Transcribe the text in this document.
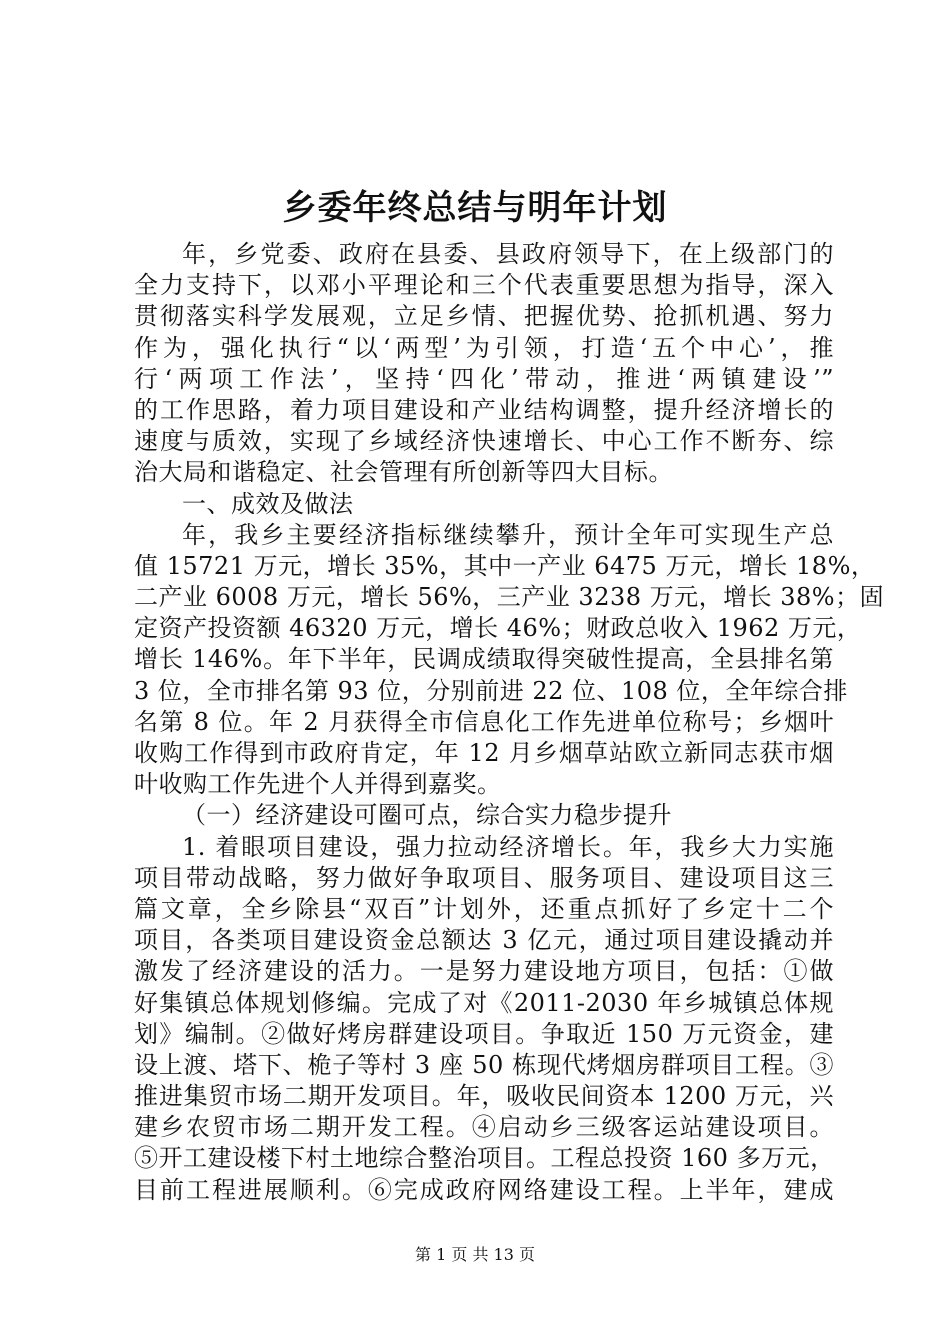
乡委年终总结与明年计划
年，乡党委、政府在县委、县政府领导下，在上级部门的
全力支持下，以邓小平理论和三个代表重要思想为指导，深入
贯彻落实科学发展观，立足乡情、把握优势、抢抓机遇、努力
作为，强化执行“以‘两型’为引领，打造‘五个中心’，推
行‘两项工作法’，坚持‘四化’带动，推进‘两镇建设’”
的工作思路，着力项目建设和产业结构调整，提升经济增长的
速度与质效，实现了乡域经济快速增长、中心工作不断夯、综
治大局和谐稳定、社会管理有所创新等四大目标。
一、成效及做法
年，我乡主要经济指标继续攀升，预计全年可实现生产总
值 15721 万元，增长 35%，其中一产业 6475 万元，增长 18%，
二产业 6008 万元，增长 56%，三产业 3238 万元，增长 38%；固
定资产投资额 46320 万元，增长 46%；财政总收入 1962 万元，
增长 146%。年下半年，民调成绩取得突破性提高，全县排名第
3 位，全市排名第 93 位，分别前进 22 位、108 位，全年综合排
名第 8 位。年 2 月获得全市信息化工作先进单位称号；乡烟叶
收购工作得到市政府肯定，年 12 月乡烟草站欧立新同志获市烟
叶收购工作先进个人并得到嘉奖。
（一）经济建设可圈可点，综合实力稳步提升
1. 着眼项目建设，强力拉动经济增长。年，我乡大力实施
项目带动战略，努力做好争取项目、服务项目、建设项目这三
篇文章，全乡除县“双百”计划外，还重点抓好了乡定十二个
项目，各类项目建设资金总额达 3 亿元，通过项目建设撬动并
激发了经济建设的活力。一是努力建设地方项目，包括：①做
好集镇总体规划修编。完成了对《2011-2030 年乡城镇总体规
划》编制。②做好烤房群建设项目。争取近 150 万元资金，建
设上渡、塔下、桅子等村 3 座 50 栋现代烤烟房群项目工程。③
推进集贸市场二期开发项目。年，吸收民间资本 1200 万元，兴
建乡农贸市场二期开发工程。④启动乡三级客运站建设项目。
⑤开工建设楼下村土地综合整治项目。工程总投资 160 多万元，
目前工程进展顺利。⑥完成政府网络建设工程。上半年，建成
第 1 页 共 13 页
